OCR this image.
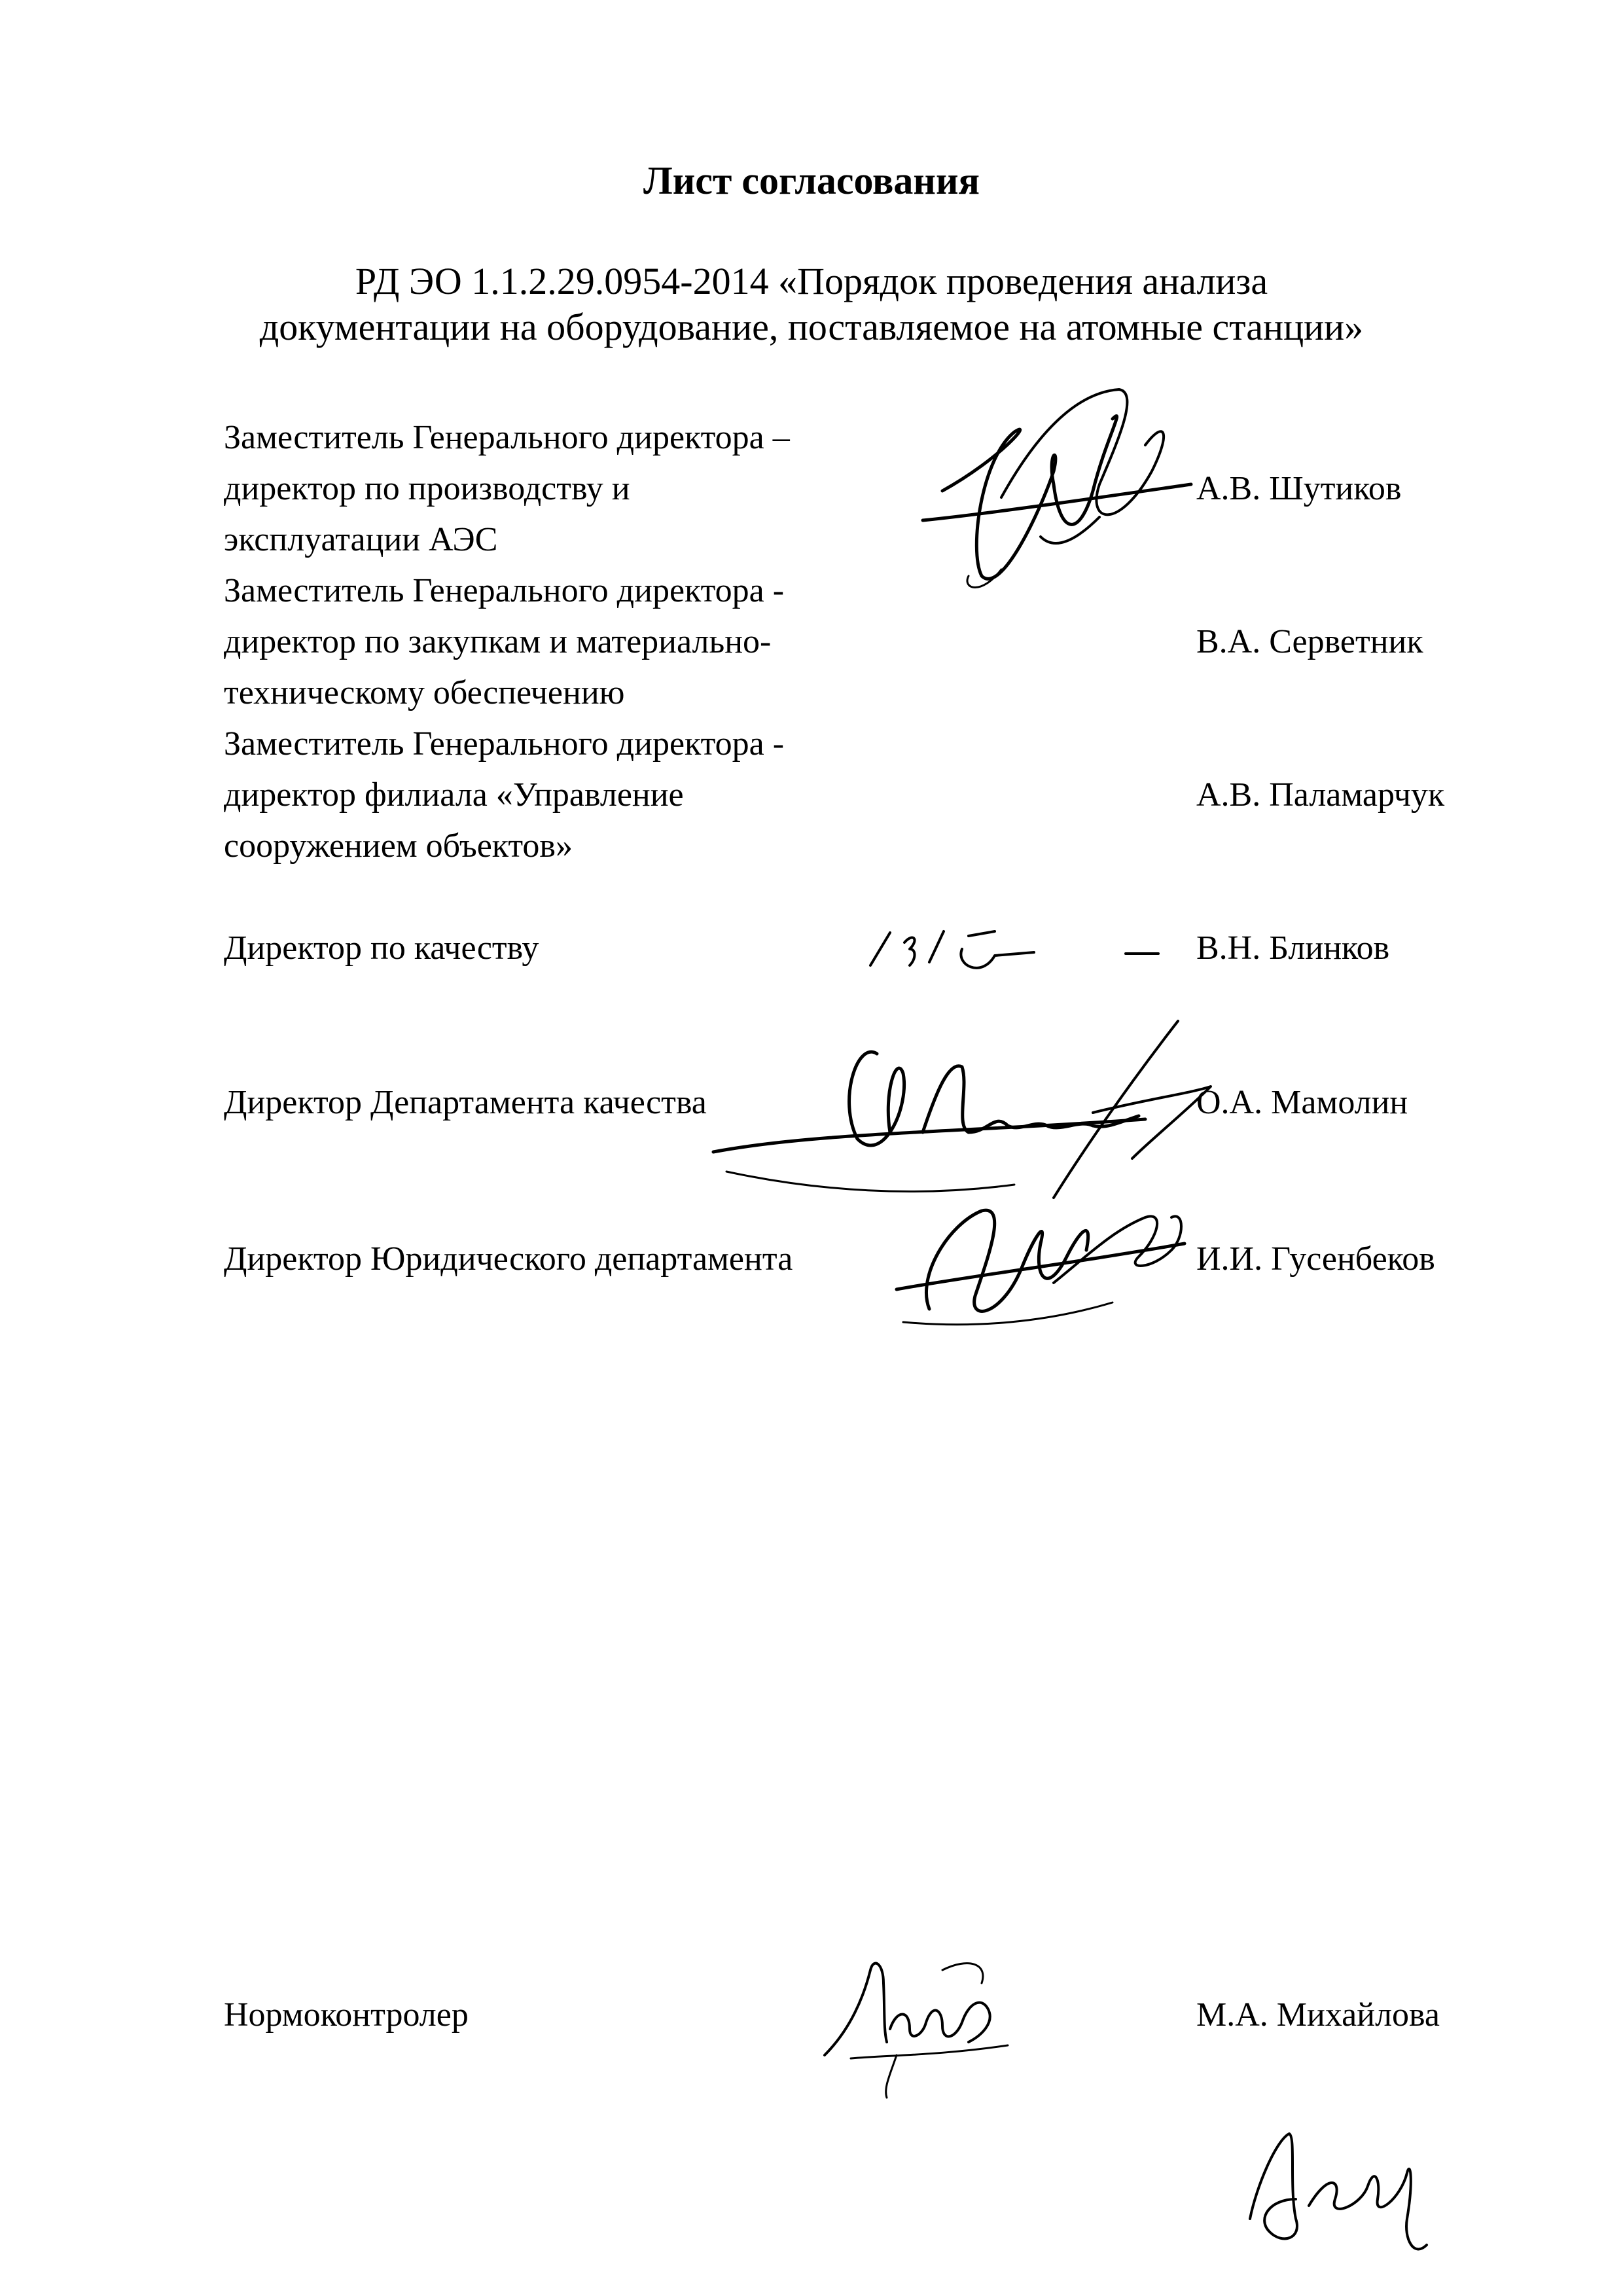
Лист согласования
РД ЭО 1.1.2.29.0954-2014 «Порядок проведения анализа
документации на оборудование, поставляемое на атомные станции»
Заместитель Генерального директора –
директор по производству и
эксплуатации АЭС
А.В. Шутиков
Заместитель Генерального директора -
директор по закупкам и материально-
техническому обеспечению
В.А. Серветник
Заместитель Генерального директора -
директор филиала «Управление
сооружением объектов»
А.В. Паламарчук
Директор по качеству	В.Н. Блинков
Директор Департамента качества	О.А. Мамолин
Директор Юридического департамента	И.И. Гусенбеков
Нормоконтролер	М.А. Михайлова
